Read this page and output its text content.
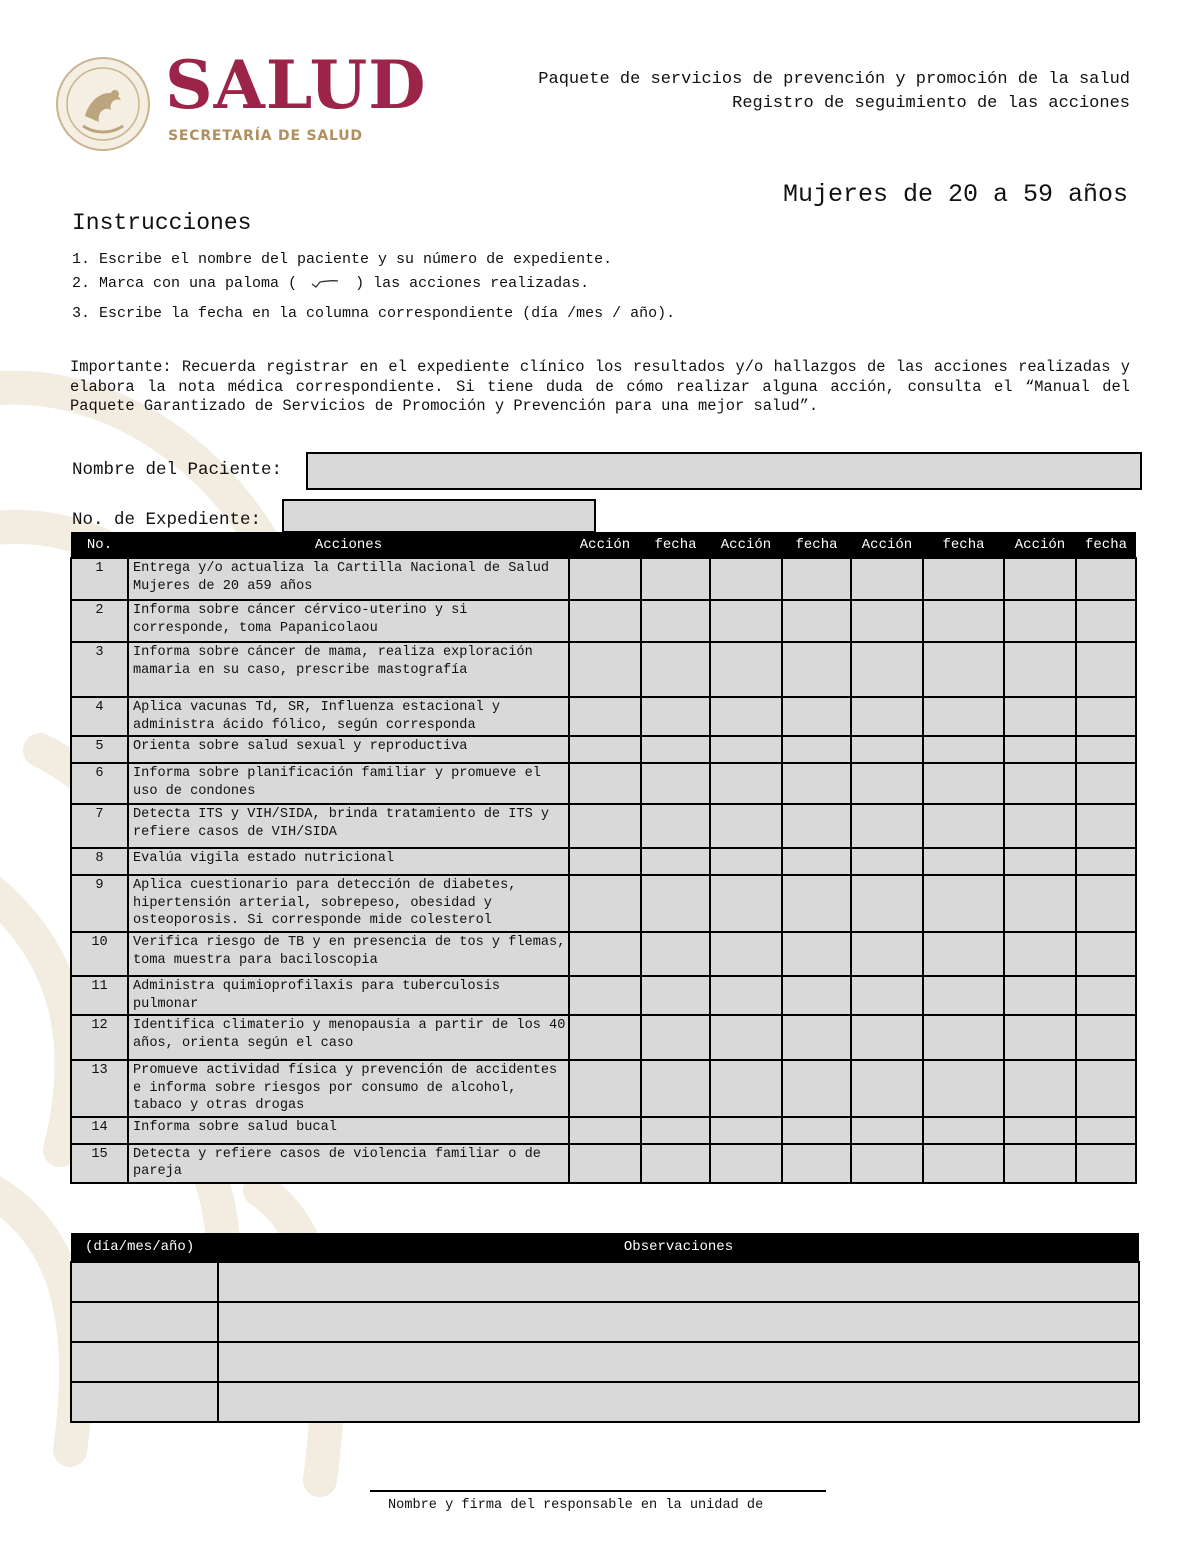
SALUD
SECRETARÍA DE SALUD
Paquete de servicios de prevención y promoción de la salud
Registro de seguimiento de las acciones
Mujeres de 20 a 59 años
Instrucciones
1. Escribe el nombre del paciente y su número de expediente.
2. Marca con una paloma (	) las acciones realizadas.
3. Escribe la fecha en la columna correspondiente (día /mes / año).
Importante: Recuerda registrar en el expediente clínico los resultados y/o hallazgos de las acciones realizadas y elabora la nota médica correspondiente. Si tiene duda de cómo realizar alguna acción, consulta el “Manual del Paquete Garantizado de Servicios de Promoción y Prevención para una mejor salud”.
Nombre del Paciente:
No. de Expediente:
No.	Acciones	Acción	fecha	Acción	fecha	Acción	fecha	Acción	fecha
1	Entrega y/o actualiza la Cartilla Nacional de Salud Mujeres de 20 a59 años								
2	Informa sobre cáncer cérvico-uterino y si corresponde, toma Papanicolaou								
3	Informa sobre cáncer de mama, realiza exploración mamaria en su caso, prescribe mastografía								
4	Aplica vacunas Td, SR, Influenza estacional y administra ácido fólico, según corresponda								
5	Orienta sobre salud sexual y reproductiva								
6	Informa sobre planificación familiar y promueve el uso de condones								
7	Detecta ITS y VIH/SIDA, brinda tratamiento de ITS y refiere casos de VIH/SIDA								
8	Evalúa vigila estado nutricional								
9	Aplica cuestionario para detección de diabetes, hipertensión arterial, sobrepeso, obesidad y osteoporosis. Si corresponde mide colesterol								
10	Verifica riesgo de TB y en presencia de tos y flemas, toma muestra para baciloscopia								
11	Administra quimioprofilaxis para tuberculosis pulmonar								
12	Identifica climaterio y menopausia a partir de los 40 años, orienta según el caso								
13	Promueve actividad física y prevención de accidentes e informa sobre riesgos por consumo de alcohol, tabaco y otras drogas								
14	Informa sobre salud bucal								
15	Detecta y refiere casos de violencia familiar o de pareja								
(día/mes/año)	Observaciones

Nombre y firma del responsable en la unidad de
